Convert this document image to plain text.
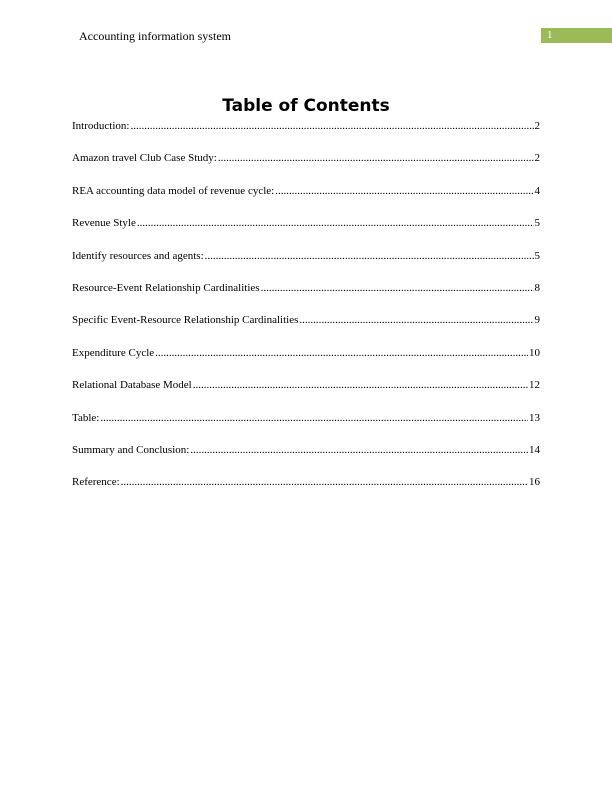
Accounting information system	1
Table of Contents
Introduction: .....	2
Amazon travel Club Case Study: .....	2
REA accounting data model of revenue cycle: .....	4
Revenue Style .....	5
Identify resources and agents: .....	5
Resource-Event Relationship Cardinalities .....	8
Specific Event-Resource Relationship Cardinalities .....	9
Expenditure Cycle .....	10
Relational Database Model .....	12
Table: .....	13
Summary and Conclusion: .....	14
Reference: .....	16
